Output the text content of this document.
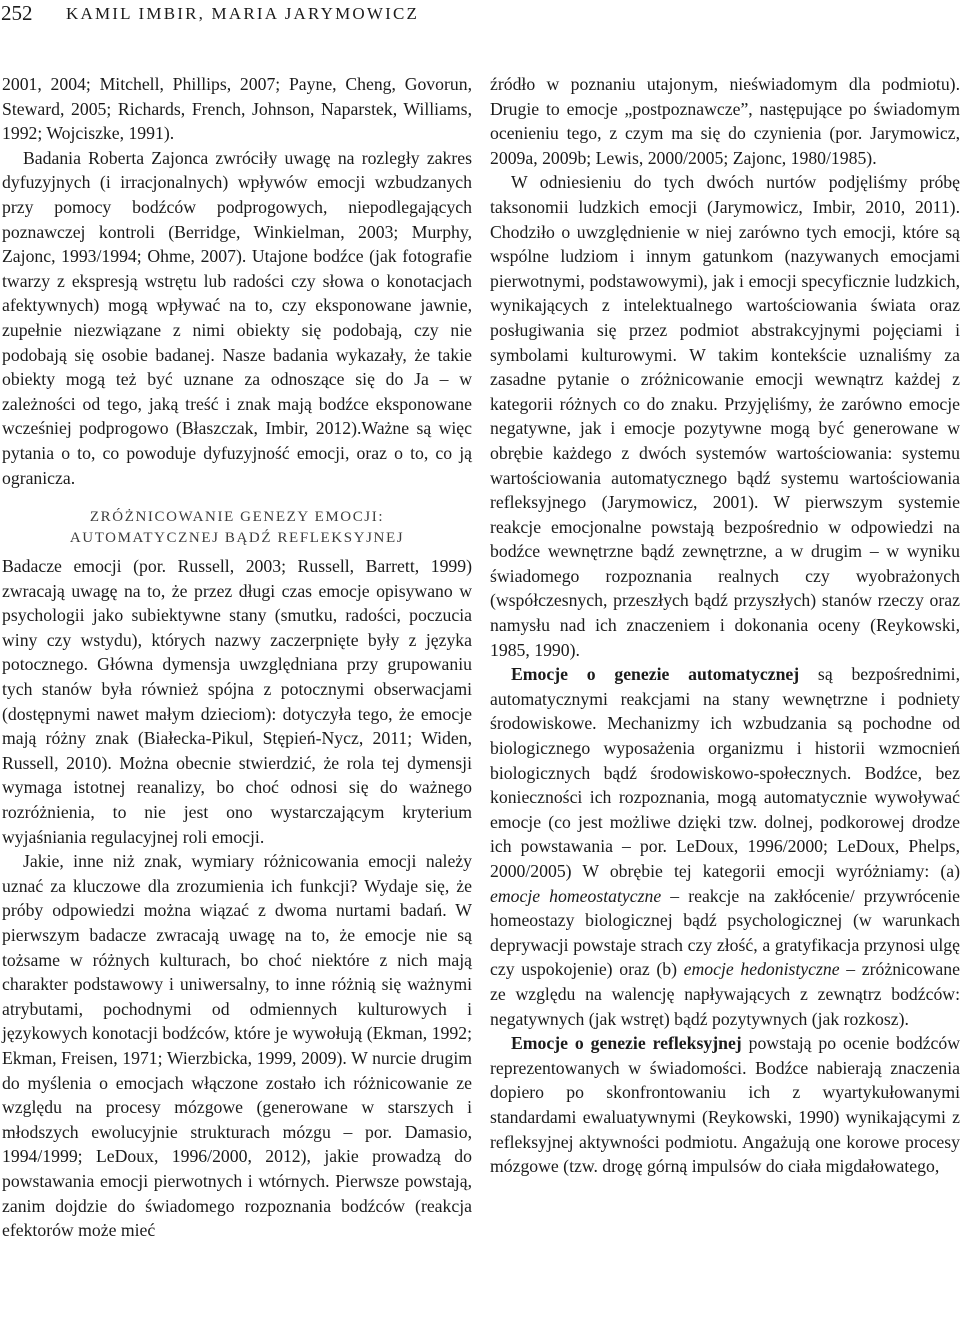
252 KAMIL IMBIR, MARIA JARYMOWICZ

2001, 2004; Mitchell, Phillips, 2007; Payne, Cheng, Govorun, Steward, 2005; Richards, French, Johnson, Naparstek, Williams, 1992; Wojciszke, 1991).

Badania Roberta Zajonca zwróciły uwagę na rozległy zakres dyfuzyjnych (i irracjonalnych) wpływów emocji wzbudzanych przy pomocy bodźców podprogowych, niepodlegających poznawczej kontroli (Berridge, Winkielman, 2003; Murphy, Zajonc, 1993/1994; Ohme, 2007). Utajone bodźce (jak fotografie twarzy z ekspresją wstrętu lub radości czy słowa o konotacjach afektywnych) mogą wpływać na to, czy eksponowane jawnie, zupełnie niezwiązane z nimi obiekty się podobają, czy nie podobają się osobie badanej. Nasze badania wykazały, że takie obiekty mogą też być uznane za odnoszące się do Ja – w zależności od tego, jaką treść i znak mają bodźce eksponowane wcześniej podprogowo (Błaszczak, Imbir, 2012).Ważne są więc pytania o to, co powoduje dyfuzyjność emocji, oraz o to, co ją ogranicza.

ZRÓŻNICOWANIE GENEZY EMOCJI:
AUTOMATYCZNEJ BĄDŹ REFLEKSYJNEJ

Badacze emocji (por. Russell, 2003; Russell, Barrett, 1999) zwracają uwagę na to, że przez długi czas emocje opisywano w psychologii jako subiektywne stany (smutku, radości, poczucia winy czy wstydu), których nazwy zaczerpnięte były z języka potocznego. Główna dymensja uwzględniana przy grupowaniu tych stanów była również spójna z potocznymi obserwacjami (dostępnymi nawet małym dzieciom): dotyczyła tego, że emocje mają różny znak (Białecka-Pikul, Stępień-Nycz, 2011; Widen, Russell, 2010). Można obecnie stwierdzić, że rola tej dymensji wymaga istotnej reanalizy, bo choć odnosi się do ważnego rozróżnienia, to nie jest ono wystarczającym kryterium wyjaśniania regulacyjnej roli emocji.

Jakie, inne niż znak, wymiary różnicowania emocji należy uznać za kluczowe dla zrozumienia ich funkcji? Wydaje się, że próby odpowiedzi można wiązać z dwoma nurtami badań. W pierwszym badacze zwracają uwagę na to, że emocje nie są tożsame w różnych kulturach, bo choć niektóre z nich mają charakter podstawowy i uniwersalny, to inne różnią się ważnymi atrybutami, pochodnymi od odmiennych kulturowych i językowych konotacji bodźców, które je wywołują (Ekman, 1992; Ekman, Freisen, 1971; Wierzbicka, 1999, 2009). W nurcie drugim do myślenia o emocjach włączone zostało ich różnicowanie ze względu na procesy mózgowe (generowane w starszych i młodszych ewolucyjnie strukturach mózgu – por. Damasio, 1994/1999; LeDoux, 1996/2000, 2012), jakie prowadzą do powstawania emocji pierwotnych i wtórnych. Pierwsze powstają, zanim dojdzie do świadomego rozpoznania bodźców (reakcja efektorów może mieć

źródło w poznaniu utajonym, nieświadomym dla podmiotu). Drugie to emocje „postpoznawcze”, następujące po świadomym ocenieniu tego, z czym ma się do czynienia (por. Jarymowicz, 2009a, 2009b; Lewis, 2000/2005; Zajonc, 1980/1985).

W odniesieniu do tych dwóch nurtów podjęliśmy próbę taksonomii ludzkich emocji (Jarymowicz, Imbir, 2010, 2011). Chodziło o uwzględnienie w niej zarówno tych emocji, które są wspólne ludziom i innym gatunkom (nazywanych emocjami pierwotnymi, podstawowymi), jak i emocji specyficznie ludzkich, wynikających z intelektualnego wartościowania świata oraz posługiwania się przez podmiot abstrakcyjnymi pojęciami i symbolami kulturowymi. W takim kontekście uznaliśmy za zasadne pytanie o zróżnicowanie emocji wewnątrz każdej z kategorii różnych co do znaku. Przyjęliśmy, że zarówno emocje negatywne, jak i emocje pozytywne mogą być generowane w obrębie każdego z dwóch systemów wartościowania: systemu wartościowania automatycznego bądź systemu wartościowania refleksyjnego (Jarymowicz, 2001). W pierwszym systemie reakcje emocjonalne powstają bezpośrednio w odpowiedzi na bodźce wewnętrzne bądź zewnętrzne, a w drugim – w wyniku świadomego rozpoznania realnych czy wyobrażonych (współczesnych, przeszłych bądź przyszłych) stanów rzeczy oraz namysłu nad ich znaczeniem i dokonania oceny (Reykowski, 1985, 1990).

Emocje o genezie automatycznej są bezpośrednimi, automatycznymi reakcjami na stany wewnętrzne i podniety środowiskowe. Mechanizmy ich wzbudzania są pochodne od biologicznego wyposażenia organizmu i historii wzmocnień biologicznych bądź środowiskowo-społecznych. Bodźce, bez konieczności ich rozpoznania, mogą automatycznie wywoływać emocje (co jest możliwe dzięki tzw. dolnej, podkorowej drodze ich powstawania – por. LeDoux, 1996/2000; LeDoux, Phelps, 2000/2005) W obrębie tej kategorii emocji wyróżniamy: (a) emocje homeostatyczne – reakcje na zakłócenie/ przywrócenie homeostazy biologicznej bądź psychologicznej (w warunkach deprywacji powstaje strach czy złość, a gratyfikacja przynosi ulgę czy uspokojenie) oraz (b) emocje hedonistyczne – zróżnicowane ze względu na walencję napływających z zewnątrz bodźców: negatywnych (jak wstręt) bądź pozytywnych (jak rozkosz).

Emocje o genezie refleksyjnej powstają po ocenie bodźców reprezentowanych w świadomości. Bodźce nabierają znaczenia dopiero po skonfrontowaniu ich z wyartykułowanymi standardami ewaluatywnymi (Reykowski, 1990) wynikającymi z refleksyjnej aktywności podmiotu. Angażują one korowe procesy mózgowe (tzw. drogę górną impulsów do ciała migdałowatego,
